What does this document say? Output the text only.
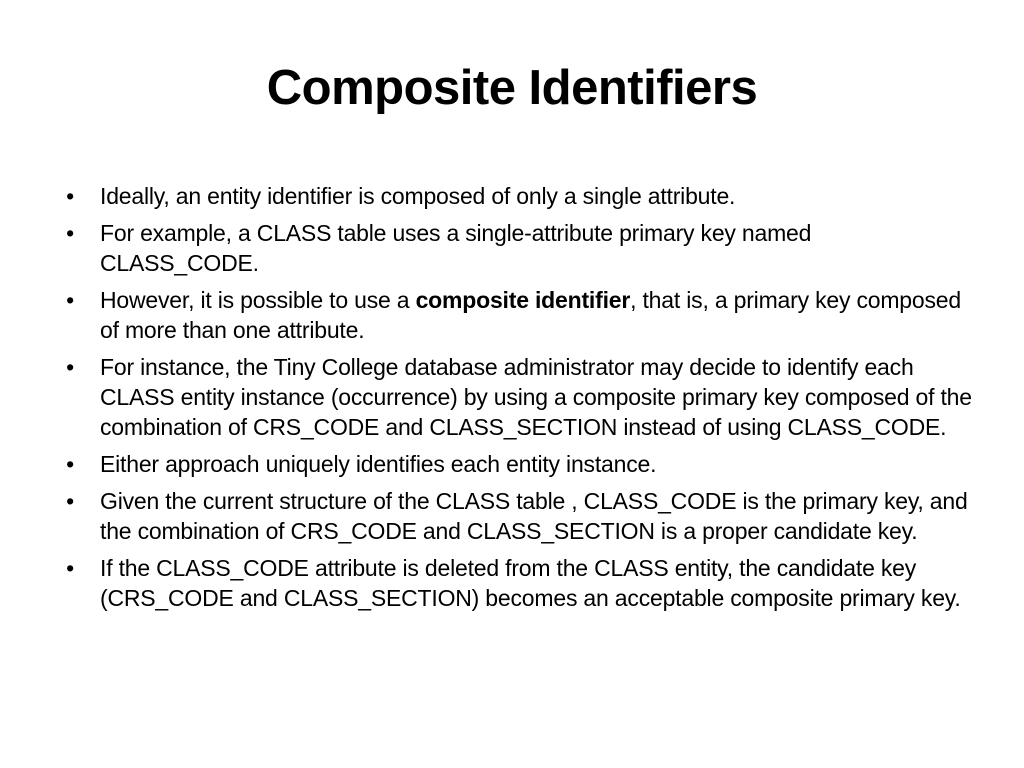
Composite Identifiers
• Ideally, an entity identifier is composed of only a single attribute.
• For example, a CLASS table uses a single-attribute primary key named CLASS_CODE.
• However, it is possible to use a composite identifier, that is, a primary key composed of more than one attribute.
• For instance, the Tiny College database administrator may decide to identify each CLASS entity instance (occurrence) by using a composite primary key composed of the combination of CRS_CODE and CLASS_SECTION instead of using CLASS_CODE.
• Either approach uniquely identifies each entity instance.
• Given the current structure of the CLASS table , CLASS_CODE is the primary key, and the combination of CRS_CODE and CLASS_SECTION is a proper candidate key.
• If the CLASS_CODE attribute is deleted from the CLASS entity, the candidate key (CRS_CODE and CLASS_SECTION) becomes an acceptable composite primary key.
